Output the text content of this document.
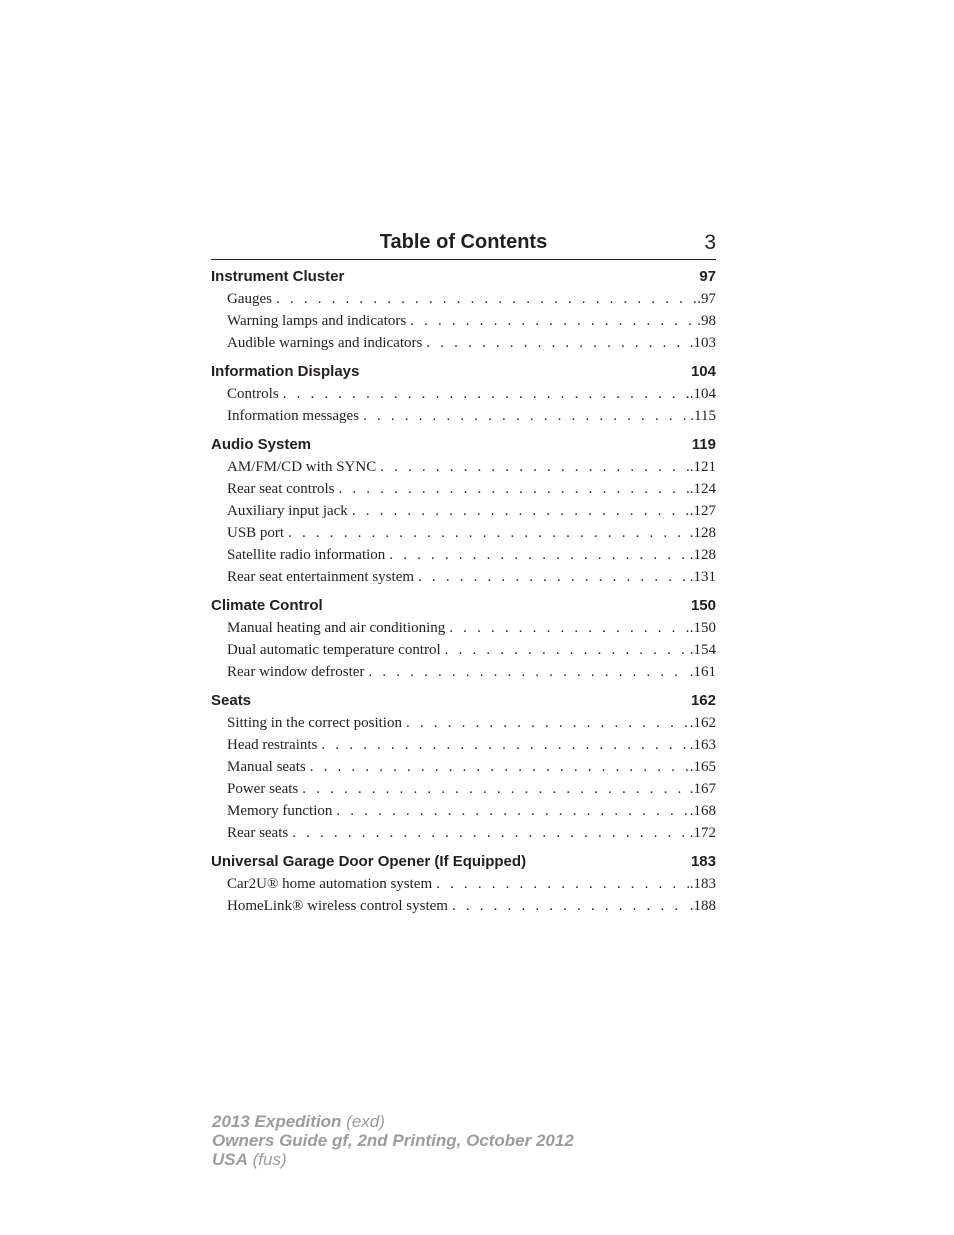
Table of Contents	3
Instrument Cluster	97
Gauges . . .	.97
Warning lamps and indicators . . .	.98
Audible warnings and indicators . . .	.103
Information Displays	104
Controls . . .	.104
Information messages . . .	.115
Audio System	119
AM/FM/CD with SYNC . . .	.121
Rear seat controls . . .	.124
Auxiliary input jack . . .	.127
USB port . . .	.128
Satellite radio information . . .	.128
Rear seat entertainment system . . .	.131
Climate Control	150
Manual heating and air conditioning . . .	.150
Dual automatic temperature control . . .	.154
Rear window defroster . . .	.161
Seats	162
Sitting in the correct position . . .	.162
Head restraints . . .	.163
Manual seats . . .	.165
Power seats . . .	.167
Memory function . . .	.168
Rear seats . . .	.172
Universal Garage Door Opener (If Equipped)	183
Car2U® home automation system . . .	.183
HomeLink® wireless control system . . .	.188
2013 Expedition (exd)
Owners Guide gf, 2nd Printing, October 2012
USA (fus)
